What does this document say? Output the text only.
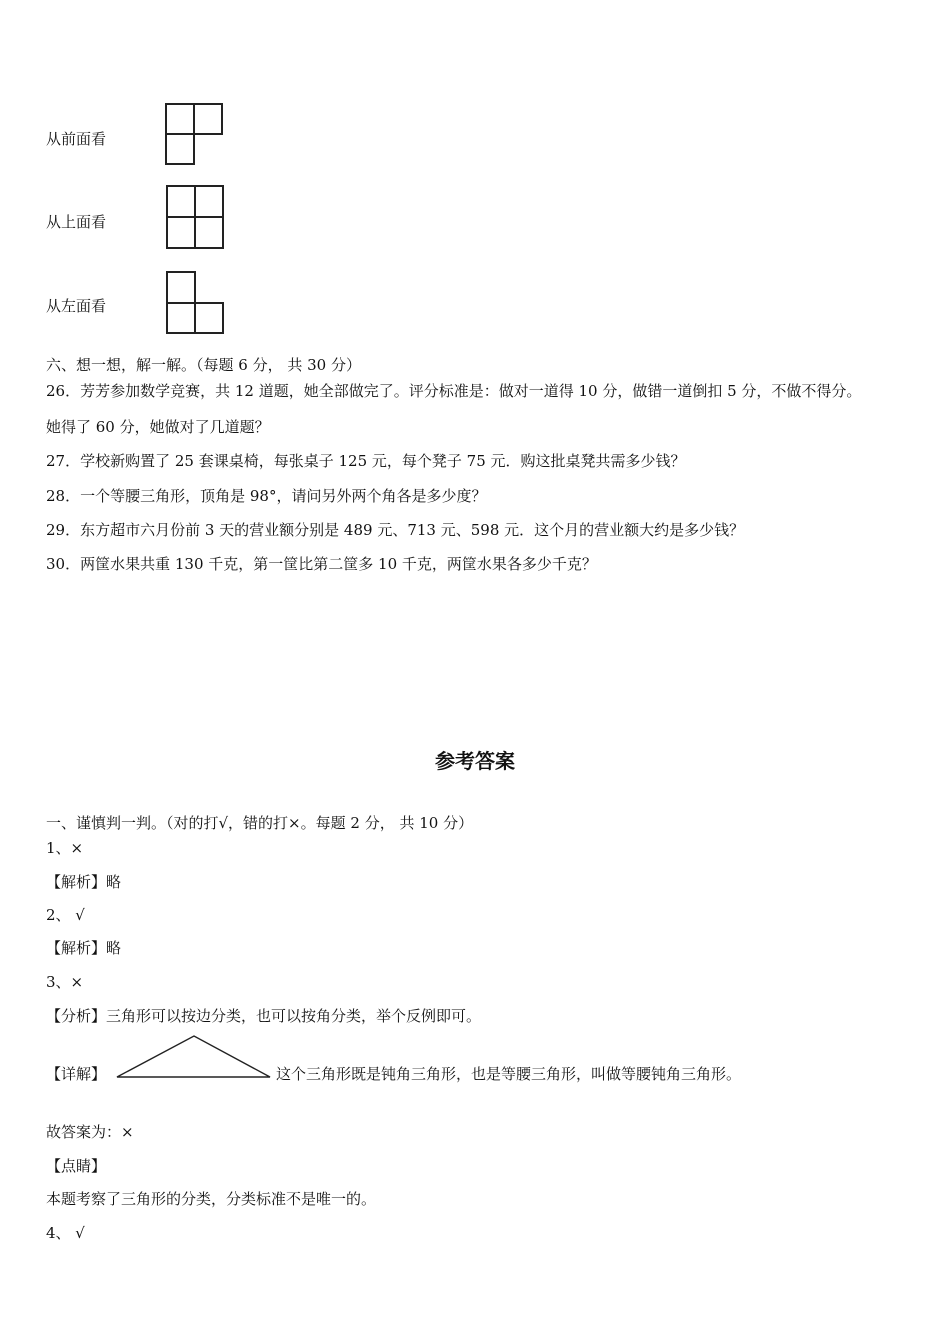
从前面看
从上面看
从左面看
六、想一想，解一解。（每题 6 分， 共 30 分）
26．芳芳参加数学竞赛，共 12 道题，她全部做完了。评分标准是：做对一道得 10 分，做错一道倒扣 5 分，不做不得分。
她得了 60 分，她做对了几道题？
27．学校新购置了 25 套课桌椅，每张桌子 125 元，每个凳子 75 元．购这批桌凳共需多少钱？
28．一个等腰三角形，顶角是 98°，请问另外两个角各是多少度？
29．东方超市六月份前 3 天的营业额分别是 489 元、713 元、598 元．这个月的营业额大约是多少钱？
30．两筐水果共重 130 千克，第一筐比第二筐多 10 千克，两筐水果各多少千克？
参考答案
一、谨慎判一判。（对的打√，错的打×。每题 2 分， 共 10 分）
1、×
【解析】略
2、 √
【解析】略
3、×
【分析】三角形可以按边分类，也可以按角分类，举个反例即可。
【详解】	这个三角形既是钝角三角形，也是等腰三角形，叫做等腰钝角三角形。
故答案为：×
【点睛】
本题考察了三角形的分类，分类标准不是唯一的。
4、 √
